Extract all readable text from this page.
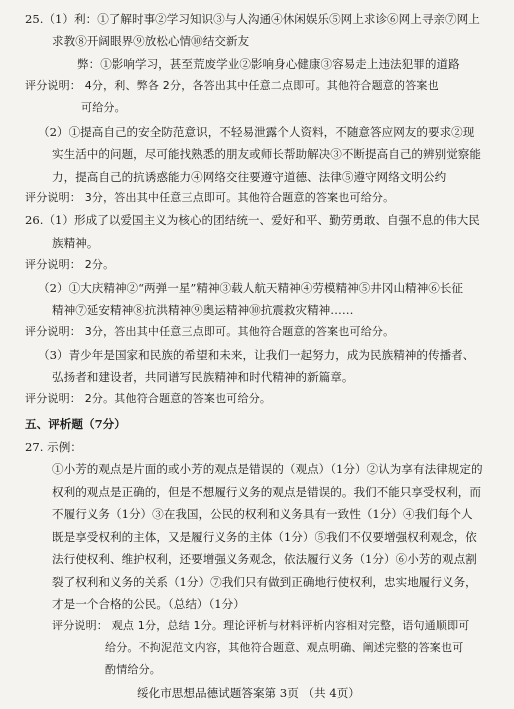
25.（1）利：①了解时事②学习知识③与人沟通④休闲娱乐⑤网上求诊⑥网上寻亲⑦网上
求教⑧开阔眼界⑨放松心情⑩结交新友
弊：①影响学习，甚至荒废学业②影响身心健康③容易走上违法犯罪的道路
评分说明： 4分，利、弊各 2分，各答出其中任意二点即可。其他符合题意的答案也
可给分。
（2）①提高自己的安全防范意识，不轻易泄露个人资料，不随意答应网友的要求②现
实生活中的问题，尽可能找熟悉的朋友或师长帮助解决③不断提高自己的辨别觉察能
力，提高自己的抗诱惑能力④网络交往要遵守道德、法律⑤遵守网络文明公约
评分说明： 3分，答出其中任意三点即可。其他符合题意的答案也可给分。
26.（1）形成了以爱国主义为核心的团结统一、爱好和平、勤劳勇敢、自强不息的伟大民
族精神。
评分说明： 2分。
（2）①大庆精神②“两弹一星”精神③载人航天精神④劳模精神⑤井冈山精神⑥长征
精神⑦延安精神⑧抗洪精神⑨奥运精神⑩抗震救灾精神……
评分说明： 3分，答出其中任意三点即可。其他符合题意的答案也可给分。
（3）青少年是国家和民族的希望和未来，让我们一起努力，成为民族精神的传播者、
弘扬者和建设者，共同谱写民族精神和时代精神的新篇章。
评分说明： 2分。其他符合题意的答案也可给分。
五、评析题（7分）
27. 示例：
①小芳的观点是片面的或小芳的观点是错误的（观点）（1分）②认为享有法律规定的
权利的观点是正确的，但是不想履行义务的观点是错误的。我们不能只享受权利，而
不履行义务（1分）③在我国，公民的权利和义务具有一致性（1分）④我们每个人
既是享受权利的主体，又是履行义务的主体（1分）⑤我们不仅要增强权利观念，依
法行使权利、维护权利，还要增强义务观念，依法履行义务（1分）⑥小芳的观点割
裂了权利和义务的关系（1分）⑦我们只有做到正确地行使权利，忠实地履行义务，
才是一个合格的公民。（总结）（1分）
评分说明： 观点 1分，总结 1分。理论评析与材料评析内容相对完整，语句通顺即可
给分。不拘泥范文内容，其他符合题意、观点明确、阐述完整的答案也可
酌情给分。
绥化市思想品德试题答案第 3页 （共 4页）
